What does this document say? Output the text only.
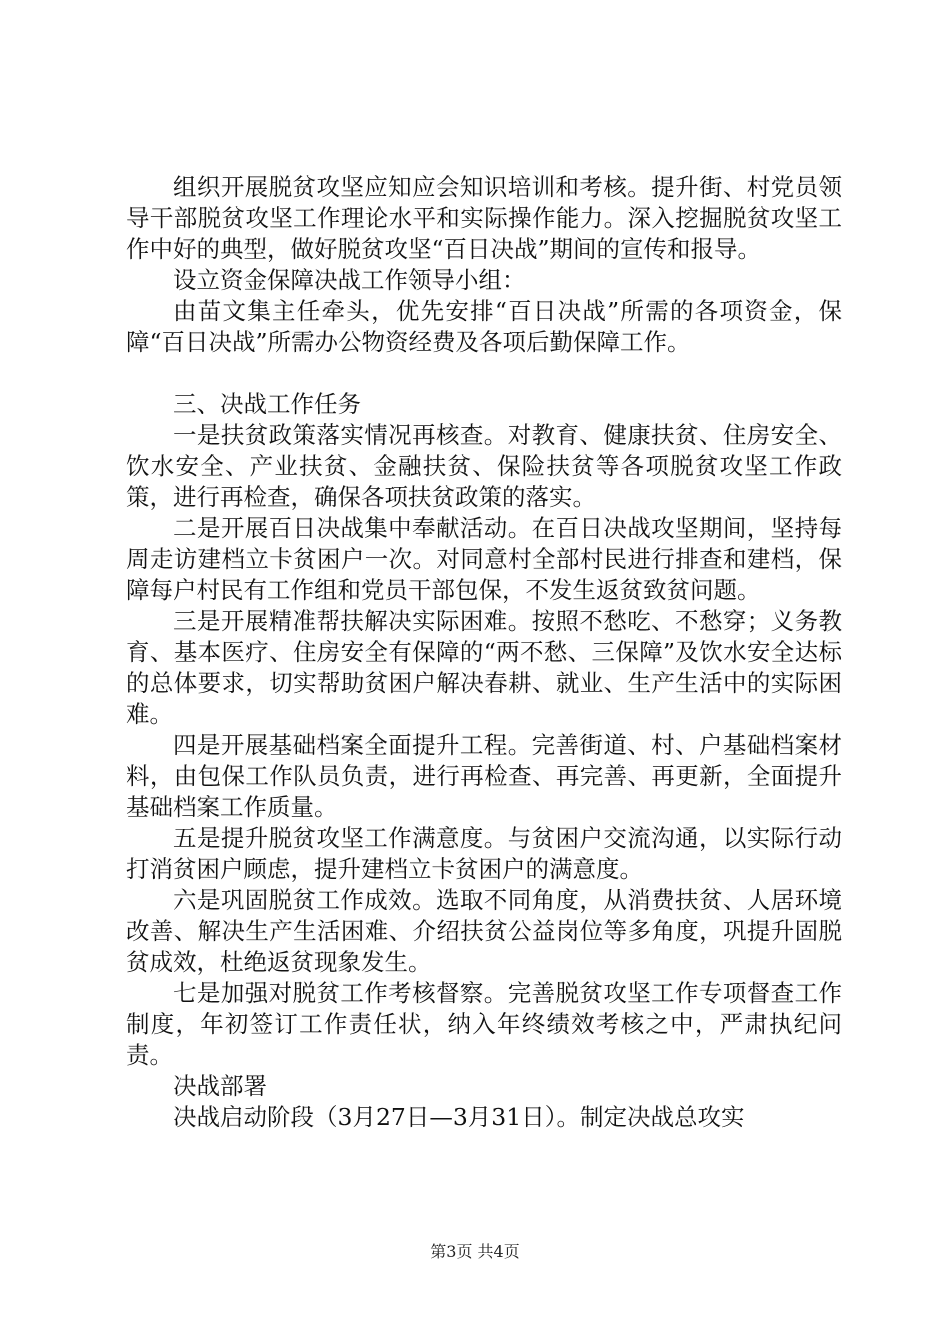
组织开展脱贫攻坚应知应会知识培训和考核。提升街、村党员领导干部脱贫攻坚工作理论水平和实际操作能力。深入挖掘脱贫攻坚工作中好的典型，做好脱贫攻坚“百日决战”期间的宣传和报导。

设立资金保障决战工作领导小组：

由苗文集主任牵头，优先安排“百日决战”所需的各项资金，保障“百日决战”所需办公物资经费及各项后勤保障工作。

三、决战工作任务

一是扶贫政策落实情况再核查。对教育、健康扶贫、住房安全、饮水安全、产业扶贫、金融扶贫、保险扶贫等各项脱贫攻坚工作政策，进行再检查，确保各项扶贫政策的落实。

二是开展百日决战集中奉献活动。在百日决战攻坚期间，坚持每周走访建档立卡贫困户一次。对同意村全部村民进行排查和建档，保障每户村民有工作组和党员干部包保，不发生返贫致贫问题。

三是开展精准帮扶解决实际困难。按照不愁吃、不愁穿；义务教育、基本医疗、住房安全有保障的“两不愁、三保障”及饮水安全达标的总体要求，切实帮助贫困户解决春耕、就业、生产生活中的实际困难。

四是开展基础档案全面提升工程。完善街道、村、户基础档案材料，由包保工作队员负责，进行再检查、再完善、再更新，全面提升基础档案工作质量。

五是提升脱贫攻坚工作满意度。与贫困户交流沟通，以实际行动打消贫困户顾虑，提升建档立卡贫困户的满意度。

六是巩固脱贫工作成效。选取不同角度，从消费扶贫、人居环境改善、解决生产生活困难、介绍扶贫公益岗位等多角度，巩提升固脱贫成效，杜绝返贫现象发生。

七是加强对脱贫工作考核督察。完善脱贫攻坚工作专项督查工作制度，年初签订工作责任状，纳入年终绩效考核之中，严肃执纪问责。

决战部署

决战启动阶段（3月27日—3月31日）。制定决战总攻实

第3页 共4页
